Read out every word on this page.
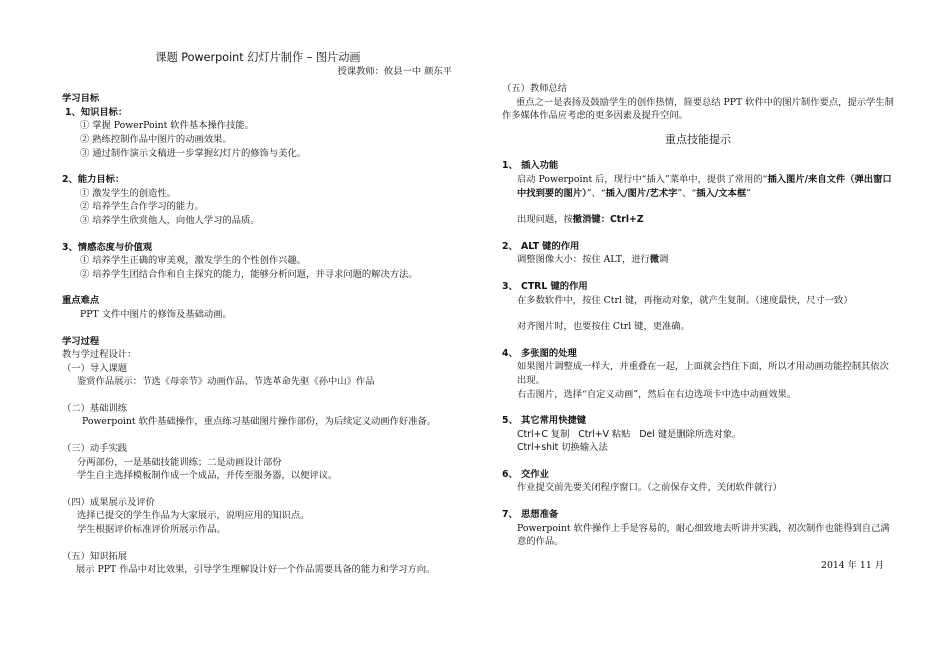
课题 Powerpoint 幻灯片制作 – 图片动画
授课教师：攸县一中 颜东平
学习目标
1、知识目标：
① 掌握 PowerPoint 软件基本操作技能。
② 熟练控制作品中图片的动画效果。
③ 通过制作演示文稿进一步掌握幻灯片的修饰与美化。
2、能力目标：
① 激发学生的创造性。
② 培养学生合作学习的能力。
③ 培养学生欣赏他人，向他人学习的品质。
3、情感态度与价值观
① 培养学生正确的审美观，激发学生的个性创作兴趣。
② 培养学生团结合作和自主探究的能力，能够分析问题，并寻求问题的解决方法。
重点难点
PPT 文件中图片的修饰及基础动画。
学习过程
教与学过程设计：
（一）导入课题
鉴赏作品展示：节选《母亲节》动画作品、节选革命先驱《孙中山》作品
（二）基础训练
Powerpoint 软件基础操作，重点练习基础图片操作部份，为后续定义动画作好准备。
（三）动手实践
分两部份，一是基础技能训练；二是动画设计部份
学生自主选择模板制作成一个成品，并传至服务器，以便评议。
（四）成果展示及评价
选择已提交的学生作品为大家展示，说明应用的知识点。
学生根据评价标准评价所展示作品。
（五）知识拓展
展示 PPT 作品中对比效果，引导学生理解设计好一个作品需要具备的能力和学习方向。
（五）教师总结
重点之一是表扬及鼓励学生的创作热情，简要总结 PPT 软件中的图片制作要点，提示学生制作多媒体作品应考虑的更多因素及提升空间。
重点技能提示
1、 插入功能
启动 Powerpoint 后，现行中“插入”菜单中，提供了常用的“插入图片/来自文件（弹出窗口中找到要的图片）”、“插入/图片/艺术字”、“插入/文本框”
出现问题，按撤消键：Ctrl+Z
2、 ALT 键的作用
调整图像大小：按住 ALT，进行微调
3、 CTRL 键的作用
在多数软件中，按住 Ctrl 键，再拖动对象，就产生复制。（速度最快，尺寸一致）
对齐图片时，也要按住 Ctrl 键，更准确。
4、 多张图的处理
如果图片调整成一样大，并重叠在一起，上面就会挡住下面，所以才用动画功能控制其依次出现。
右击图片，选择“自定义动画”，然后在右边选项卡中选中动画效果。
5、 其它常用快捷键
Ctrl+C 复制   Ctrl+V 粘贴   Del 键是删除所选对象。
Ctrl+shit 切换输入法
6、 交作业
作业提交前先要关闭程序窗口。（之前保存文件，关闭软件就行）
7、 思想准备
Powerpoint 软件操作上手是容易的，耐心细致地去听讲并实践，初次制作也能得到自己满意的作品。
2014 年 11 月
